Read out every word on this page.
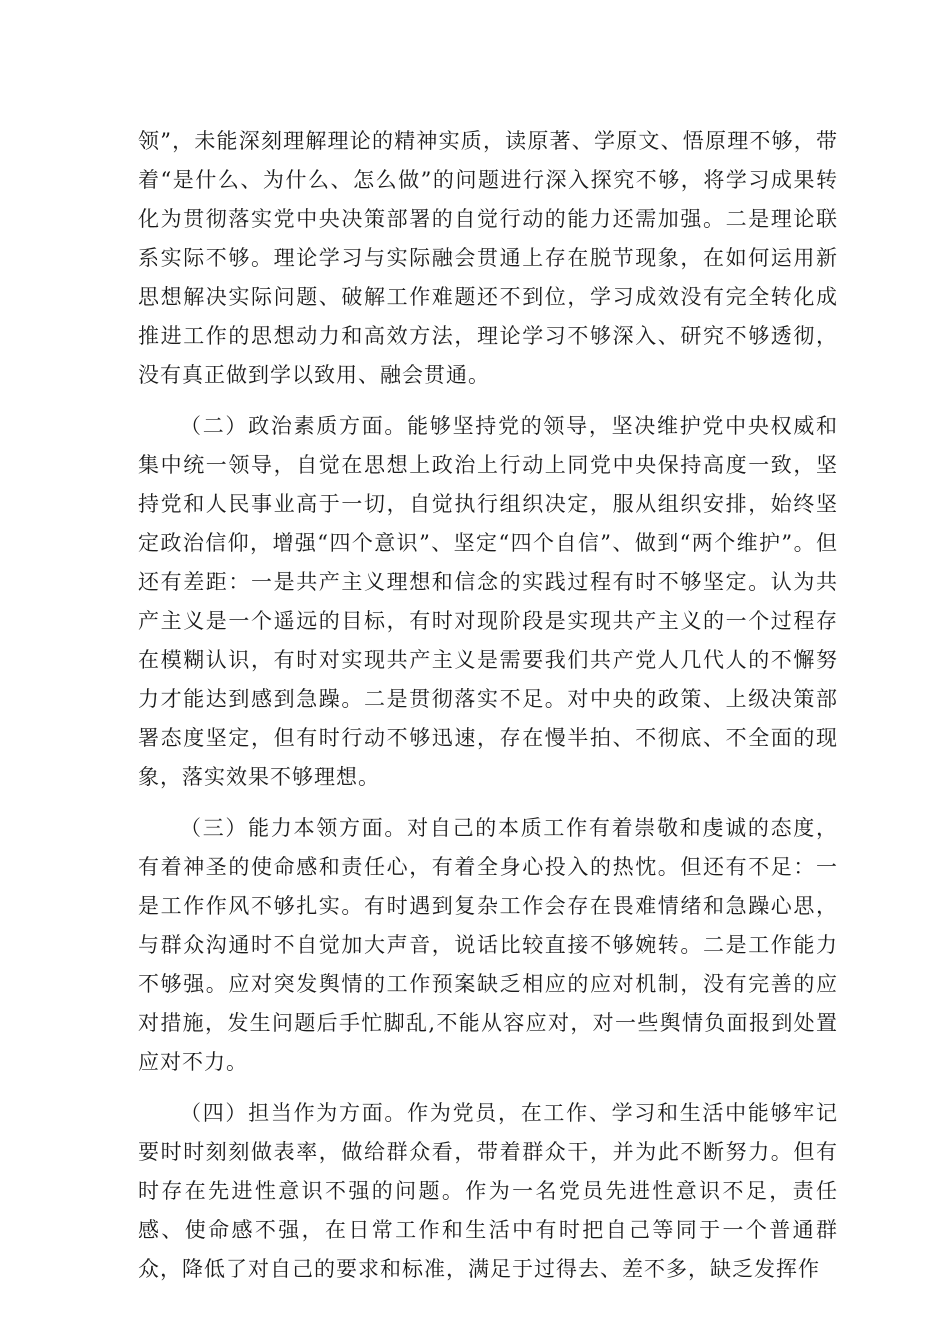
领”，未能深刻理解理论的精神实质，读原著、学原文、悟原理不够，带着“是什么、为什么、怎么做”的问题进行深入探究不够，将学习成果转化为贯彻落实党中央决策部署的自觉行动的能力还需加强。二是理论联系实际不够。理论学习与实际融会贯通上存在脱节现象，在如何运用新思想解决实际问题、破解工作难题还不到位，学习成效没有完全转化成推进工作的思想动力和高效方法，理论学习不够深入、研究不够透彻，没有真正做到学以致用、融会贯通。

（二）政治素质方面。能够坚持党的领导，坚决维护党中央权威和集中统一领导，自觉在思想上政治上行动上同党中央保持高度一致，坚持党和人民事业高于一切，自觉执行组织决定，服从组织安排，始终坚定政治信仰，增强“四个意识”、坚定“四个自信”、做到“两个维护”。但还有差距：一是共产主义理想和信念的实践过程有时不够坚定。认为共产主义是一个遥远的目标，有时对现阶段是实现共产主义的一个过程存在模糊认识，有时对实现共产主义是需要我们共产党人几代人的不懈努力才能达到感到急躁。二是贯彻落实不足。对中央的政策、上级决策部署态度坚定，但有时行动不够迅速，存在慢半拍、不彻底、不全面的现象，落实效果不够理想。

（三）能力本领方面。对自己的本质工作有着崇敬和虔诚的态度，有着神圣的使命感和责任心，有着全身心投入的热忱。但还有不足：一是工作作风不够扎实。有时遇到复杂工作会存在畏难情绪和急躁心思，与群众沟通时不自觉加大声音，说话比较直接不够婉转。二是工作能力不够强。应对突发舆情的工作预案缺乏相应的应对机制，没有完善的应对措施，发生问题后手忙脚乱,不能从容应对，对一些舆情负面报到处置应对不力。

（四）担当作为方面。作为党员，在工作、学习和生活中能够牢记要时时刻刻做表率，做给群众看，带着群众干，并为此不断努力。但有时存在先进性意识不强的问题。作为一名党员先进性意识不足，责任感、使命感不强，在日常工作和生活中有时把自己等同于一个普通群众，降低了对自己的要求和标准，满足于过得去、差不多，缺乏发挥作
